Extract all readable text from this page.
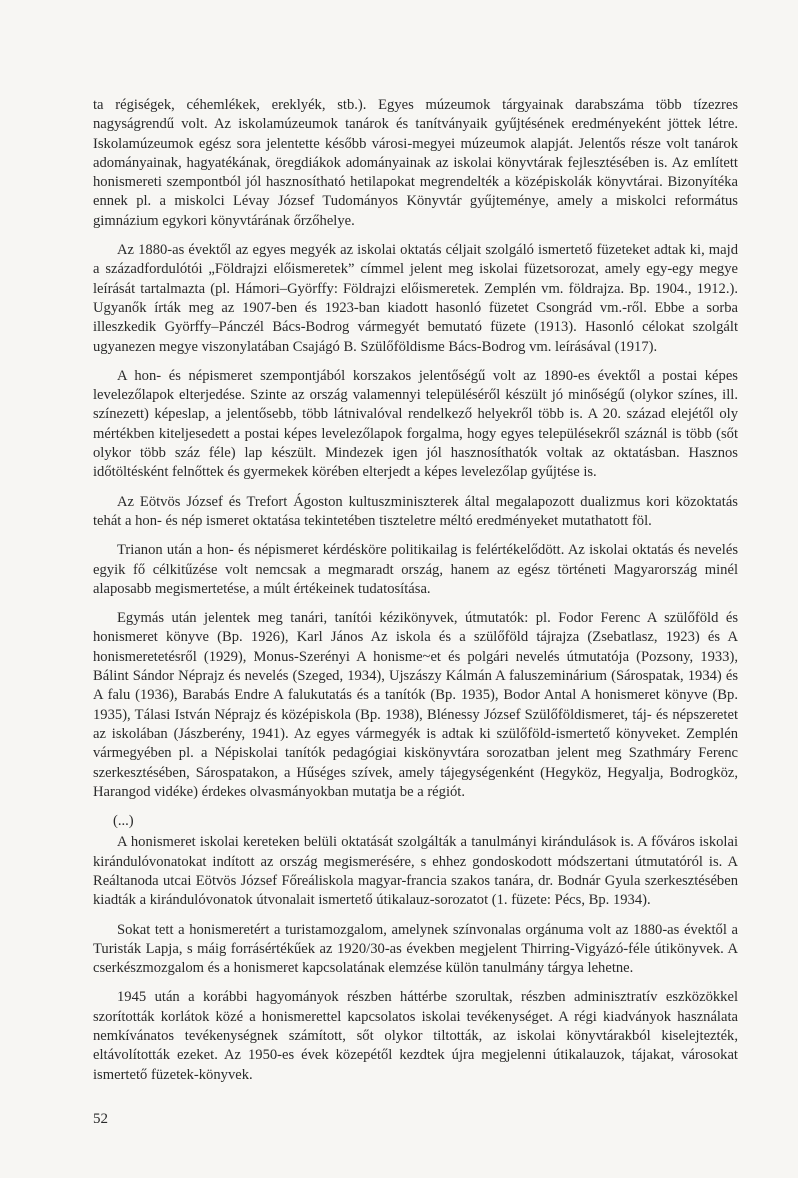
ta régiségek, céhemlékek, ereklyék, stb.). Egyes múzeumok tárgyainak darabszáma több tízezres nagyságrendű volt. Az iskolamúzeumok tanárok és tanítványaik gyűjtésének eredményeként jöttek létre. Iskolamúzeumok egész sora jelentette később városi-megyei múzeumok alapját. Jelentős része volt tanárok adományainak, hagyatékának, öregdiákok adományainak az iskolai könyvtárak fejlesztésében is. Az említett honismereti szempontból jól hasznosítható hetilapokat megrendelték a középiskolák könyvtárai. Bizonyítéka ennek pl. a miskolci Lévay József Tudományos Könyvtár gyűjteménye, amely a miskolci református gimnázium egykori könyvtárának őrzőhelye.

Az 1880-as évektől az egyes megyék az iskolai oktatás céljait szolgáló ismertető füzeteket adtak ki, majd a századfordulótói „Földrajzi előismeretek” címmel jelent meg iskolai füzetsorozat, amely egy-egy megye leírását tartalmazta (pl. Hámori–Györffy: Földrajzi előismeretek. Zemplén vm. földrajza. Bp. 1904., 1912.). Ugyanők írták meg az 1907-ben és 1923-ban kiadott hasonló füzetet Csongrád vm.-ről. Ebbe a sorba illeszkedik Györffy–Pánczél Bács-Bodrog vármegyét bemutató füzete (1913). Hasonló célokat szolgált ugyanezen megye viszonylatában Csajágó B. Szülőföldisme Bács-Bodrog vm. leírásával (1917).

A hon- és népismeret szempontjából korszakos jelentőségű volt az 1890-es évektől a postai képes levelezőlapok elterjedése. Szinte az ország valamennyi településéről készült jó minőségű (olykor színes, ill. színezett) képeslap, a jelentősebb, több látnivalóval rendelkező helyekről több is. A 20. század elejétől oly mértékben kiteljesedett a postai képes levelezőlapok forgalma, hogy egyes településekről száznál is több (sőt olykor több száz féle) lap készült. Mindezek igen jól hasznosíthatók voltak az oktatásban. Hasznos időtöltésként felnőttek és gyermekek körében elterjedt a képes levelezőlap gyűjtése is.

Az Eötvös József és Trefort Ágoston kultuszminiszterek által megalapozott dualizmus kori közoktatás tehát a hon- és nép ismeret oktatása tekintetében tiszteletre méltó eredményeket mutathatott föl.

Trianon után a hon- és népismeret kérdésköre politikailag is felértékelődött. Az iskolai oktatás és nevelés egyik fő célkitűzése volt nemcsak a megmaradt ország, hanem az egész történeti Magyarország minél alaposabb megismertetése, a múlt értékeinek tudatosítása.

Egymás után jelentek meg tanári, tanítói kézikönyvek, útmutatók: pl. Fodor Ferenc A szülőföld és honismeret könyve (Bp. 1926), Karl János Az iskola és a szülőföld tájrajza (Zsebatlasz, 1923) és A honismeretetésről (1929), Monus-Szerényi A honisme~et és polgári nevelés útmutatója (Pozsony, 1933), Bálint Sándor Néprajz és nevelés (Szeged, 1934), Ujszászy Kálmán A faluszeminárium (Sárospatak, 1934) és A falu (1936), Barabás Endre A falukutatás és a tanítók (Bp. 1935), Bodor Antal A honismeret könyve (Bp. 1935), Tálasi István Néprajz és középiskola (Bp. 1938), Blénessy József Szülőföldismeret, táj- és népszeretet az iskolában (Jászberény, 1941). Az egyes vármegyék is adtak ki szülőföld-ismertető könyveket. Zemplén vármegyében pl. a Népiskolai tanítók pedagógiai kiskönyvtára sorozatban jelent meg Szathmáry Ferenc szerkesztésében, Sárospatakon, a Hűséges szívek, amely tájegységenként (Hegyköz, Hegyalja, Bodrogköz, Harangod vidéke) érdekes olvasmányokban mutatja be a régiót.

(...)

A honismeret iskolai kereteken belüli oktatását szolgálták a tanulmányi kirándulások is. A főváros iskolai kirándulóvonatokat indított az ország megismerésére, s ehhez gondoskodott módszertani útmutatóról is. A Reáltanoda utcai Eötvös József Főreáliskola magyar-francia szakos tanára, dr. Bodnár Gyula szerkesztésében kiadták a kirándulóvonatok útvonalait ismertető útikalauz-sorozatot (1. füzete: Pécs, Bp. 1934).

Sokat tett a honismeretért a turistamozgalom, amelynek színvonalas orgánuma volt az 1880-as évektől a Turisták Lapja, s máig forrásértékűek az 1920/30-as években megjelent Thirring-Vigyázó-féle útikönyvek. A cserkészmozgalom és a honismeret kapcsolatának elemzése külön tanulmány tárgya lehetne.

1945 után a korábbi hagyományok részben háttérbe szorultak, részben adminisztratív eszközökkel szorították korlátok közé a honismerettel kapcsolatos iskolai tevékenységet. A régi kiadványok használata nemkívánatos tevékenységnek számított, sőt olykor tiltották, az iskolai könyvtárakból kiselejtezték, eltávolították ezeket. Az 1950-es évek közepétől kezdtek újra megjelenni útikalauzok, tájakat, városokat ismertető füzetek-könyvek.

52
